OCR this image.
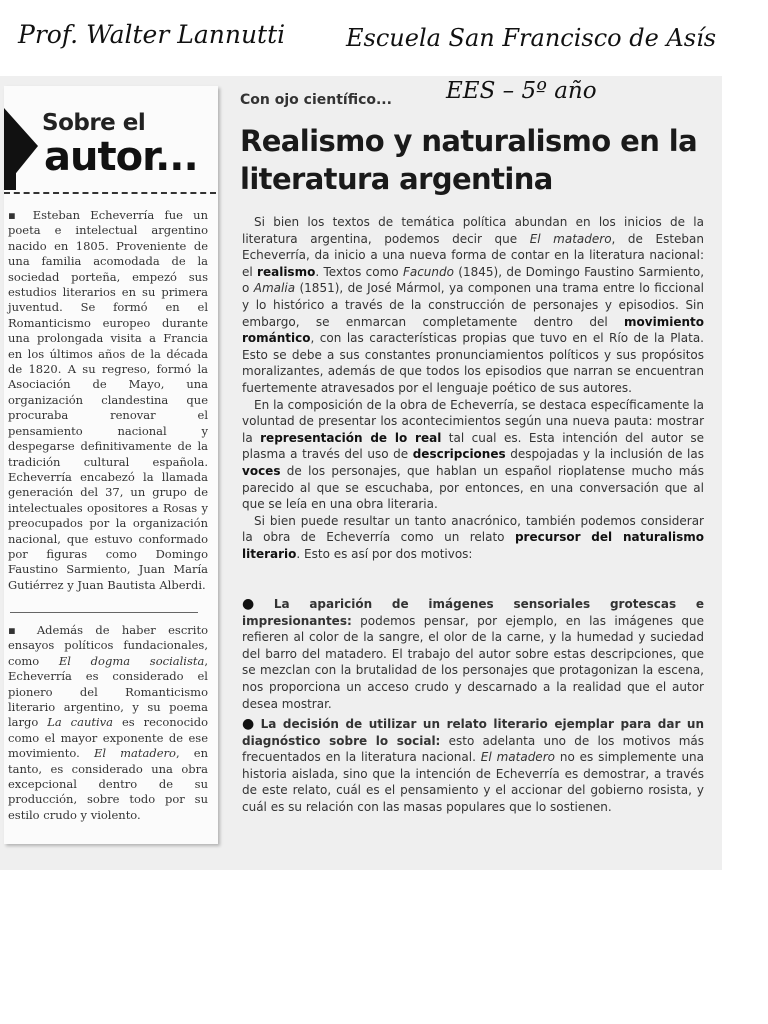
Prof. Walter Lannutti	Escuela San Francisco de Asís
EES – 5º año
Sobre el
autor...
▪ Esteban Echeverría fue un poeta e intelectual argentino nacido en 1805. Proveniente de una familia acomodada de la sociedad porteña, empezó sus estudios literarios en su primera juventud. Se formó en el Romanticismo europeo durante una prolongada visita a Francia en los últimos años de la década de 1820. A su regreso, formó la Asociación de Mayo, una organización clandestina que procuraba renovar el pensamiento nacional y despegarse definitivamente de la tradición cultural española. Echeverría encabezó la llamada generación del 37, un grupo de intelectuales opositores a Rosas y preocupados por la organización nacional, que estuvo conformado por figuras como Domingo Faustino Sarmiento, Juan María Gutiérrez y Juan Bautista Alberdi.
▪ Además de haber escrito ensayos políticos fundacionales, como El dogma socialista, Echeverría es considerado el pionero del Romanticismo literario argentino, y su poema largo La cautiva es reconocido como el mayor exponente de ese movimiento. El matadero, en tanto, es considerado una obra excepcional dentro de su producción, sobre todo por su estilo crudo y violento.
Con ojo científico...
Realismo y naturalismo en la literatura argentina

Si bien los textos de temática política abundan en los inicios de la literatura argentina, podemos decir que El matadero, de Esteban Echeverría, da inicio a una nueva forma de contar en la literatura nacional: el realismo. Textos como Facundo (1845), de Domingo Faustino Sarmiento, o Amalia (1851), de José Mármol, ya componen una trama entre lo ficcional y lo histórico a través de la construcción de personajes y episodios. Sin embargo, se enmarcan completamente dentro del movimiento romántico, con las características propias que tuvo en el Río de la Plata. Esto se debe a sus constantes pronunciamientos políticos y sus propósitos moralizantes, además de que todos los episodios que narran se encuentran fuertemente atravesados por el lenguaje poético de sus autores.

En la composición de la obra de Echeverría, se destaca específicamente la voluntad de presentar los acontecimientos según una nueva pauta: mostrar la representación de lo real tal cual es. Esta intención del autor se plasma a través del uso de descripciones despojadas y la inclusión de las voces de los personajes, que hablan un español rioplatense mucho más parecido al que se escuchaba, por entonces, en una conversación que al que se leía en una obra literaria.

Si bien puede resultar un tanto anacrónico, también podemos considerar la obra de Echeverría como un relato precursor del naturalismo literario. Esto es así por dos motivos:

● La aparición de imágenes sensoriales grotescas e impresionantes: podemos pensar, por ejemplo, en las imágenes que refieren al color de la sangre, el olor de la carne, y la humedad y suciedad del barro del matadero. El trabajo del autor sobre estas descripciones, que se mezclan con la brutalidad de los personajes que protagonizan la escena, nos proporciona un acceso crudo y descarnado a la realidad que el autor desea mostrar.
● La decisión de utilizar un relato literario ejemplar para dar un diagnóstico sobre lo social: esto adelanta uno de los motivos más frecuentados en la literatura nacional. El matadero no es simplemente una historia aislada, sino que la intención de Echeverría es demostrar, a través de este relato, cuál es el pensamiento y el accionar del gobierno rosista, y cuál es su relación con las masas populares que lo sostienen.
